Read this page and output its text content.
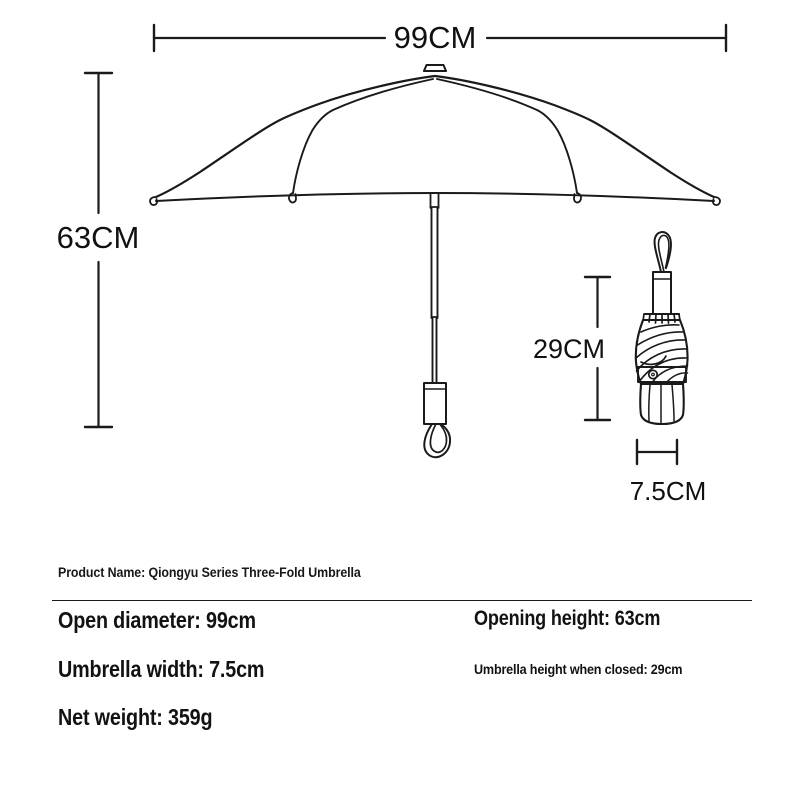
99CM
63CM
29CM
7.5CM
Product Name: Qiongyu Series Three-Fold Umbrella
Open diameter: 99cm
Umbrella width: 7.5cm
Net weight: 359g
Opening height: 63cm
Umbrella height when closed: 29cm
